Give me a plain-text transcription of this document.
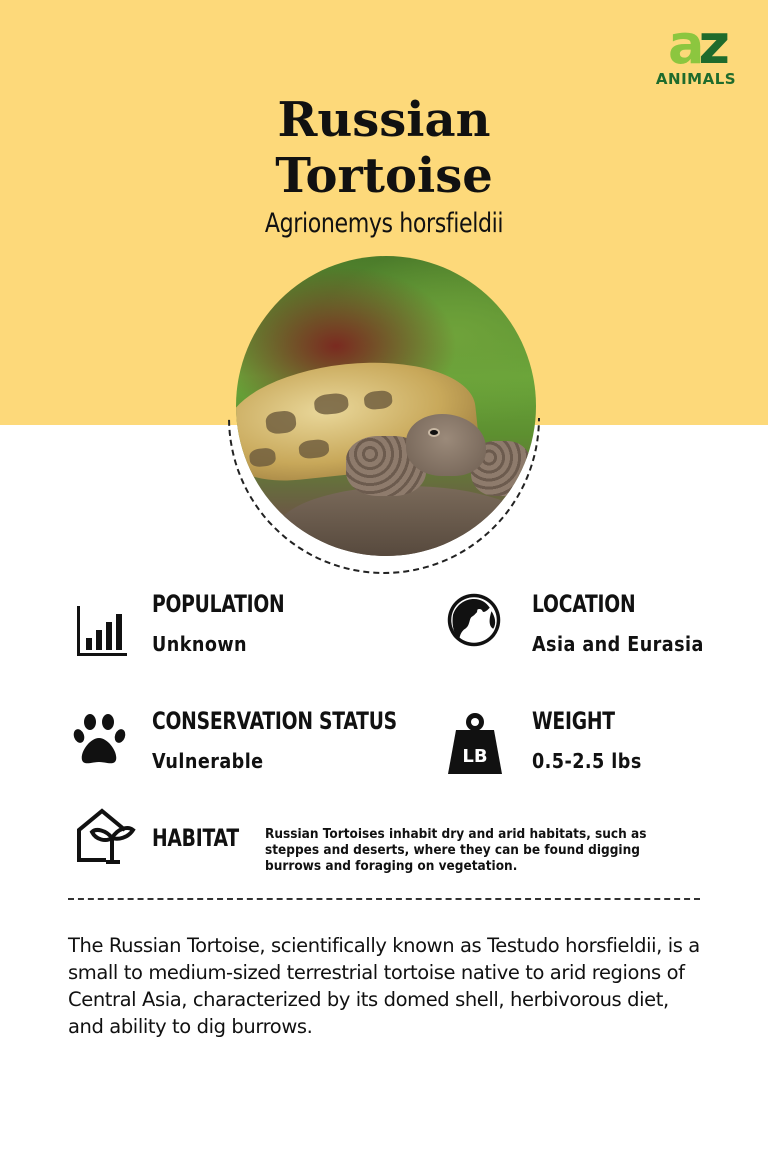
az
ANIMALS
Russian
Tortoise
Agrionemys horsfieldii
POPULATION
Unknown
LOCATION
Asia and Eurasia
CONSERVATION STATUS
Vulnerable	LB
WEIGHT
0.5-2.5 lbs
HABITAT Russian Tortoises inhabit dry and arid habitats, such as steppes and deserts, where they can be found digging burrows and foraging on vegetation.
The Russian Tortoise, scientifically known as Testudo horsfieldii, is a small to medium-sized terrestrial tortoise native to arid regions of Central Asia, characterized by its domed shell, herbivorous diet, and ability to dig burrows.
